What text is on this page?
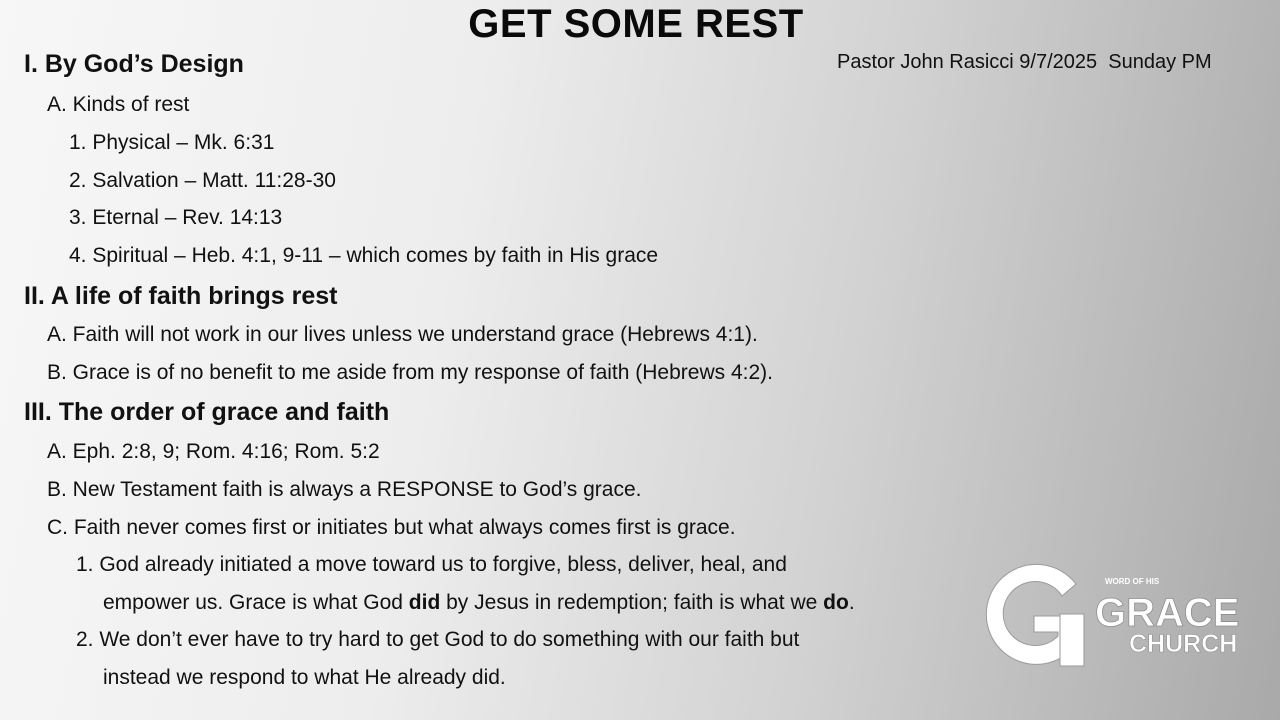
GET SOME REST
Pastor John Rasicci 9/7/2025  Sunday PM
I. By God’s Design
A. Kinds of rest
1. Physical – Mk. 6:31
2. Salvation – Matt. 11:28-30
3. Eternal – Rev. 14:13
4. Spiritual – Heb. 4:1, 9-11 – which comes by faith in His grace
II. A life of faith brings rest
A. Faith will not work in our lives unless we understand grace (Hebrews 4:1).
B. Grace is of no benefit to me aside from my response of faith (Hebrews 4:2).
III. The order of grace and faith
A. Eph. 2:8, 9; Rom. 4:16; Rom. 5:2
B. New Testament faith is always a RESPONSE to God’s grace.
C. Faith never comes first or initiates but what always comes first is grace.
1. God already initiated a move toward us to forgive, bless, deliver, heal, and
empower us. Grace is what God did by Jesus in redemption; faith is what we do.
2. We don’t ever have to try hard to get God to do something with our faith but
instead we respond to what He already did.
WORD OF HIS
GRACE
CHURCH
